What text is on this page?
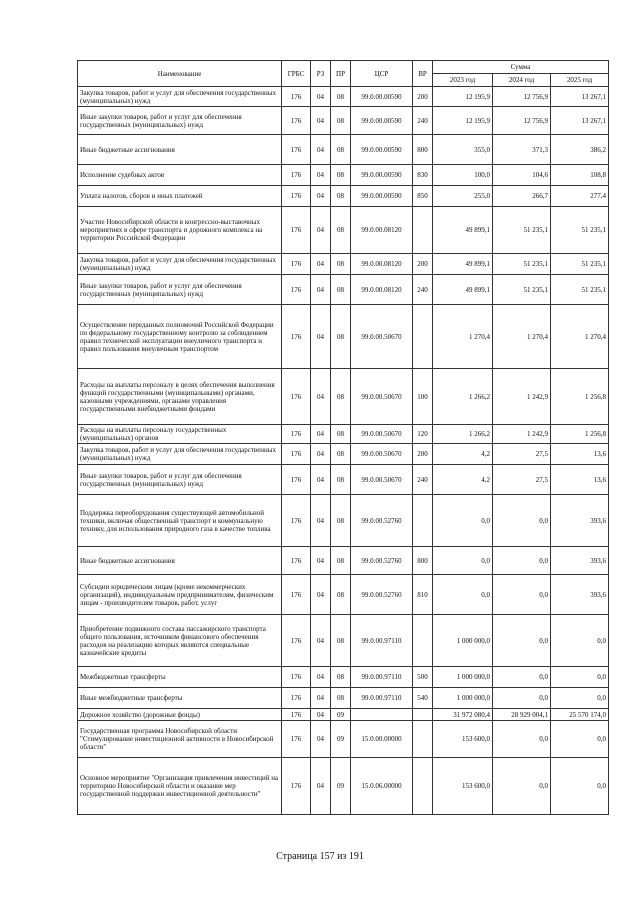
Наименование	ГРБС	РЗ	ПР	ЦСР	ВР	Сумма		
						2023 год	2024 год	2025 год
Закупка товаров, работ и услуг для обеспечения государственных (муниципальных) нужд	176	04	08	99.0.00.00590	200	12 195,9	12 756,9	13 267,1
Иные закупки товаров, работ и услуг для обеспечения государственных (муниципальных) нужд	176	04	08	99.0.00.00590	240	12 195,9	12 756,9	13 267,1
Иные бюджетные ассигнования	176	04	08	99.0.00.00590	800	355,0	371,3	386,2
Исполнение судебных актов	176	04	08	99.0.00.00590	830	100,0	104,6	108,8
Уплата налогов, сборов и иных платежей	176	04	08	99.0.00.00590	850	255,0	266,7	277,4
Участие Новосибирской области в конгрессно-выставочных мероприятиях в сфере транспорта и дорожного комплекса на территории Российской Федерации	176	04	08	99.0.00.08120		49 899,1	51 235,1	51 235,1
Закупка товаров, работ и услуг для обеспечения государственных (муниципальных) нужд	176	04	08	99.0.00.08120	200	49 899,1	51 235,1	51 235,1
Иные закупки товаров, работ и услуг для обеспечения государственных (муниципальных) нужд	176	04	08	99.0.00.08120	240	49 899,1	51 235,1	51 235,1
Осуществление переданных полномочий Российской Федерации по федеральному государственному контролю за соблюдением правил технической эксплуатации внеуличного транспорта и правил пользования внеуличным транспортом	176	04	08	99.0.00.50670		1 270,4	1 270,4	1 270,4
Расходы на выплаты персоналу в целях обеспечения выполнения функций государственными (муниципальными) органами, казенными учреждениями, органами управления государственными внебюджетными фондами	176	04	08	99.0.00.50670	100	1 266,2	1 242,9	1 256,8
Расходы на выплаты персоналу государственных (муниципальных) органов	176	04	08	99.0.00.50670	120	1 266,2	1 242,9	1 256,8
Закупка товаров, работ и услуг для обеспечения государственных (муниципальных) нужд	176	04	08	99.0.00.50670	200	4,2	27,5	13,6
Иные закупки товаров, работ и услуг для обеспечения государственных (муниципальных) нужд	176	04	08	99.0.00.50670	240	4,2	27,5	13,6
Поддержка переоборудования существующей автомобильной техники, включая общественный транспорт и коммунальную технику, для использования природного газа в качестве топлива	176	04	08	99.0.00.52760		0,0	0,0	393,6
Иные бюджетные ассигнования	176	04	08	99.0.00.52760	800	0,0	0,0	393,6
Субсидии юридическим лицам (кроме некоммерческих организаций), индивидуальным предпринимателям, физическим лицам - производителям товаров, работ, услуг	176	04	08	99.0.00.52760	810	0,0	0,0	393,6
Приобретение подвижного состава пассажирского транспорта общего пользования, источником финансового обеспечения расходов на реализацию которых являются специальные казначейские кредиты	176	04	08	99.0.00.97110		1 000 000,0	0,0	0,0
Межбюджетные трансферты	176	04	08	99.0.00.97110	500	1 000 000,0	0,0	0,0
Иные межбюджетные трансферты	176	04	08	99.0.00.97110	540	1 000 000,0	0,0	0,0
Дорожное хозяйство (дорожные фонды)	176	04	09			31 972 080,4	28 929 004,1	25 570 174,0
Государственная программа Новосибирской области "Стимулирование инвестиционной активности в Новосибирской области"	176	04	09	15.0.00.00000		153 600,0	0,0	0,0
Основное мероприятие "Организация привлечения инвестиций на территорию Новосибирской области и оказание мер государственной поддержки инвестиционной деятельности"	176	04	09	15.0.06.00000		153 600,0	0,0	0,0
Страница 157 из 191
